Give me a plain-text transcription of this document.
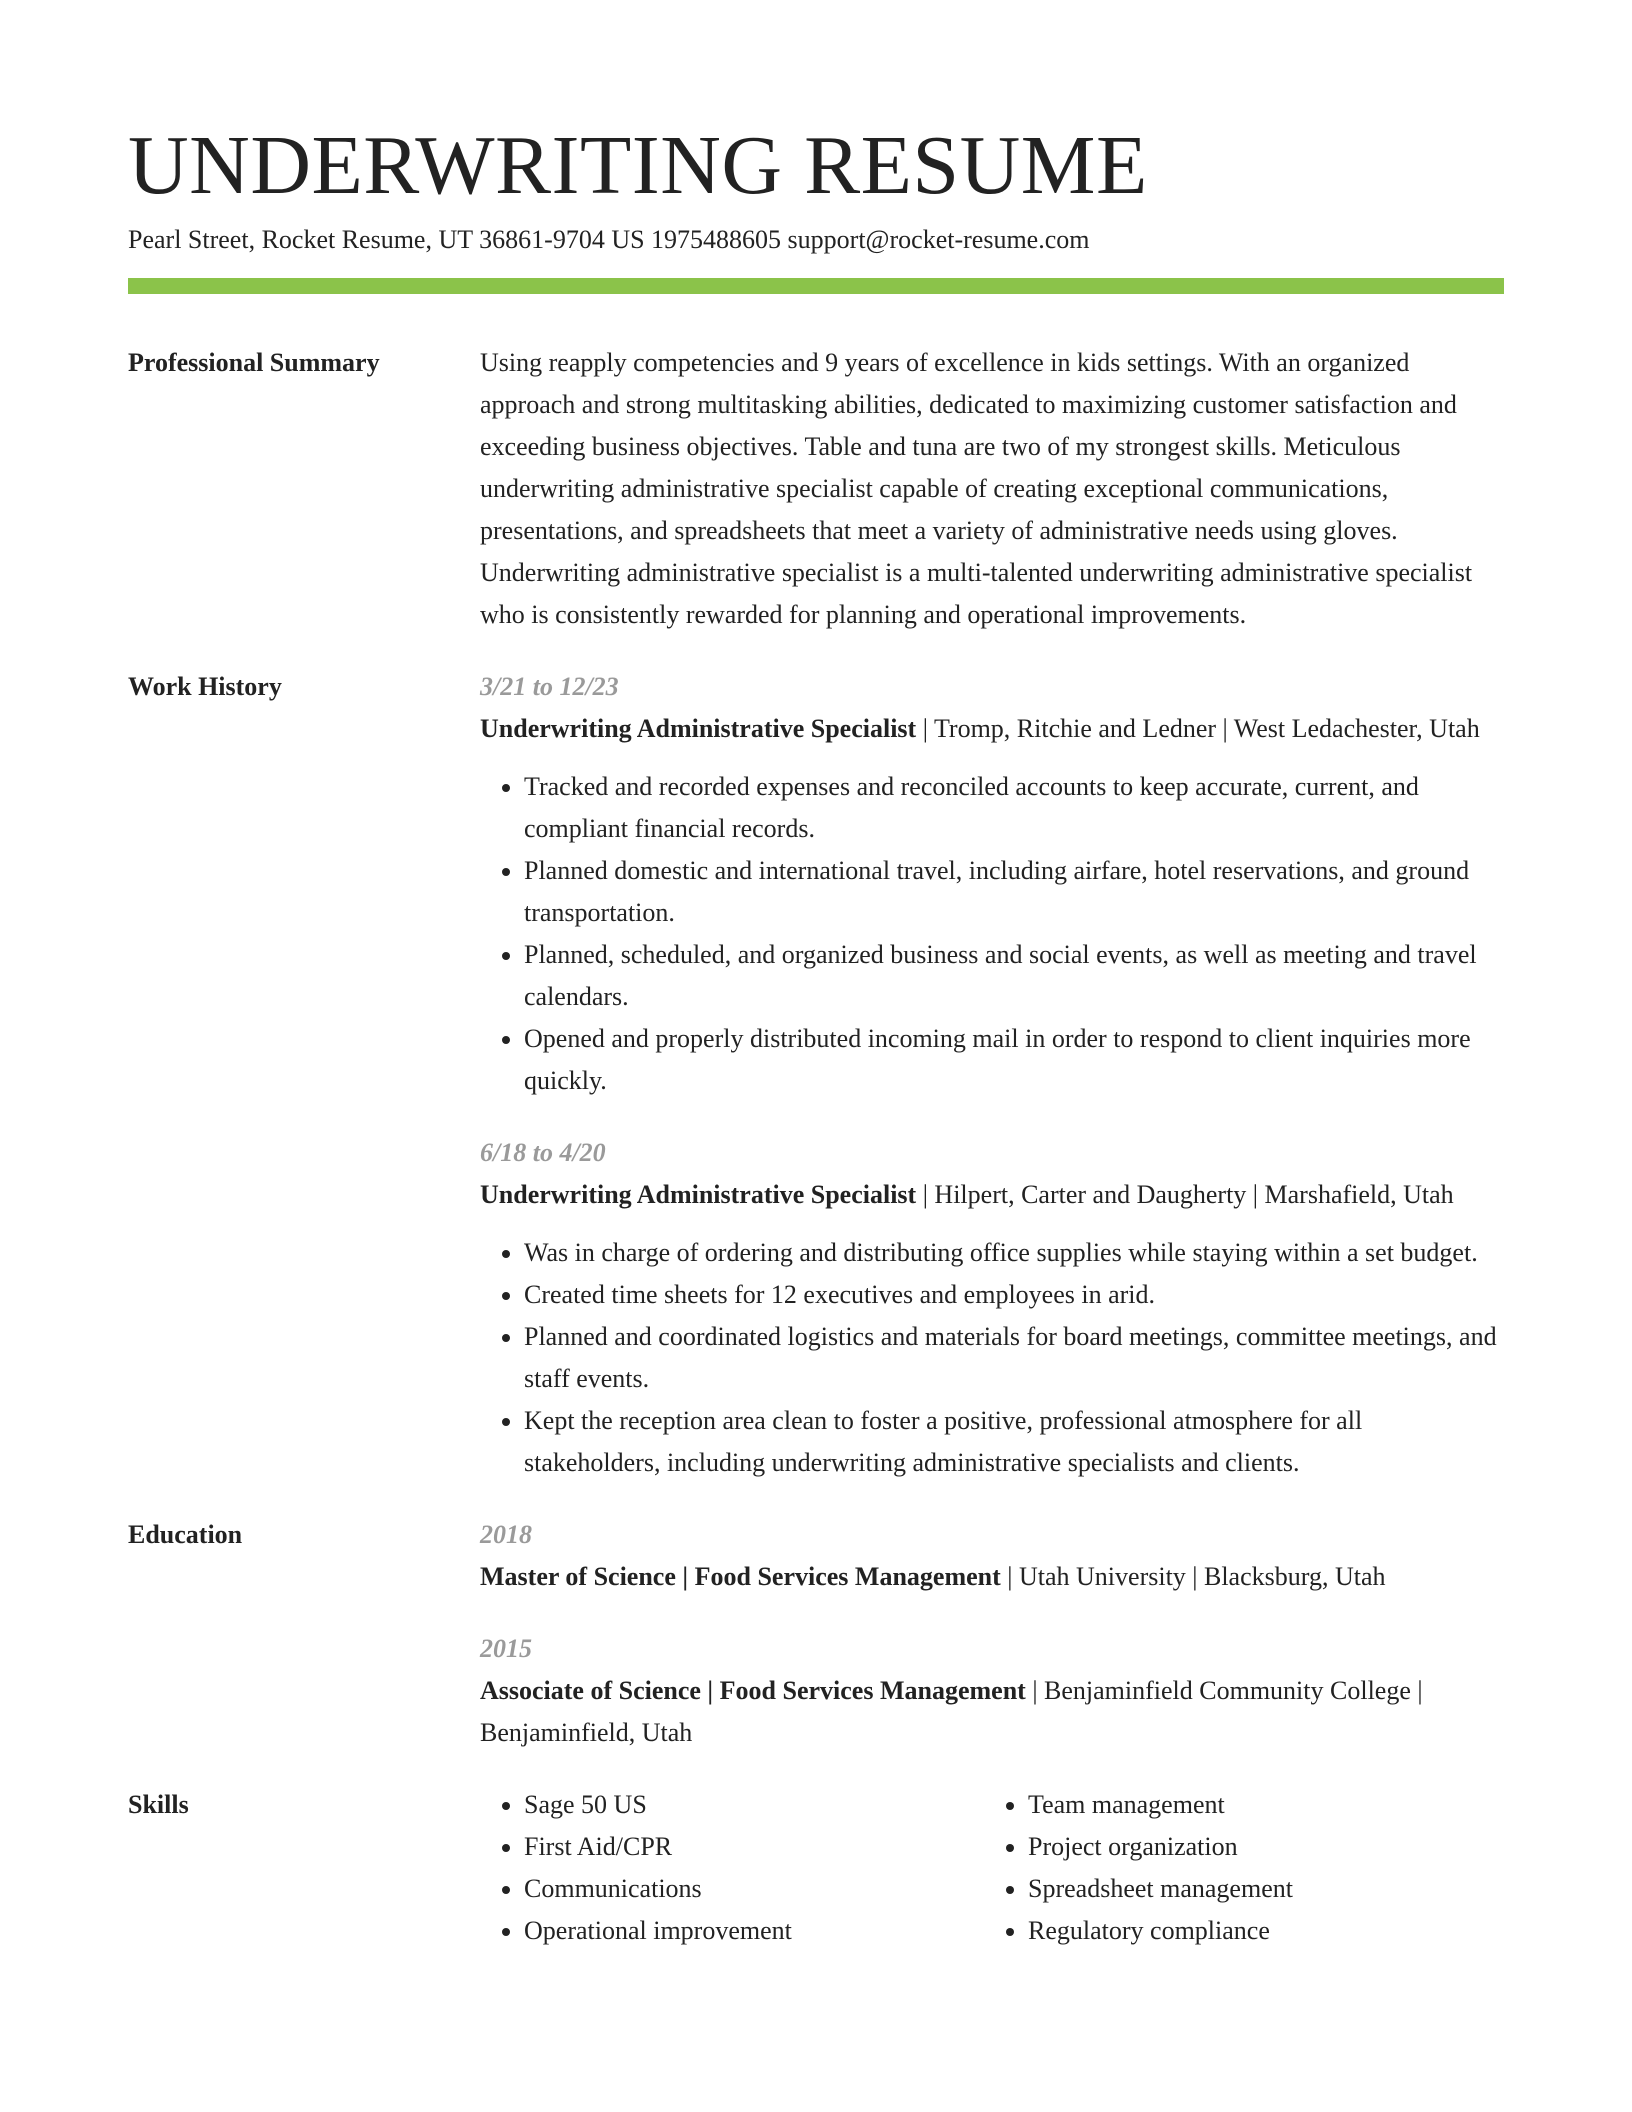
UNDERWRITING RESUME
Pearl Street, Rocket Resume, UT 36861-9704 US 1975488605 support@rocket-resume.com
Professional Summary	Using reapply competencies and 9 years of excellence in kids settings. With an organized approach and strong multitasking abilities, dedicated to maximizing customer satisfaction and exceeding business objectives. Table and tuna are two of my strongest skills. Meticulous underwriting administrative specialist capable of creating exceptional communications, presentations, and spreadsheets that meet a variety of administrative needs using gloves. Underwriting administrative specialist is a multi-talented underwriting administrative specialist who is consistently rewarded for planning and operational improvements.

Work History	3/21 to 12/23
Underwriting Administrative Specialist | Tromp, Ritchie and Ledner | West Ledachester, Utah
• Tracked and recorded expenses and reconciled accounts to keep accurate, current, and compliant financial records.
• Planned domestic and international travel, including airfare, hotel reservations, and ground transportation.
• Planned, scheduled, and organized business and social events, as well as meeting and travel calendars.
• Opened and properly distributed incoming mail in order to respond to client inquiries more quickly.
6/18 to 4/20
Underwriting Administrative Specialist | Hilpert, Carter and Daugherty | Marshafield, Utah
• Was in charge of ordering and distributing office supplies while staying within a set budget.
• Created time sheets for 12 executives and employees in arid.
• Planned and coordinated logistics and materials for board meetings, committee meetings, and staff events.
• Kept the reception area clean to foster a positive, professional atmosphere for all stakeholders, including underwriting administrative specialists and clients.
Education	2018
Master of Science | Food Services Management | Utah University | Blacksburg, Utah
2015
Associate of Science | Food Services Management | Benjaminfield Community College | Benjaminfield, Utah
Skills
•	Sage 50 US
• First Aid/CPR
• Communications
• Operational improvement
• Team management
• Project organization
• Spreadsheet management
• Regulatory compliance
